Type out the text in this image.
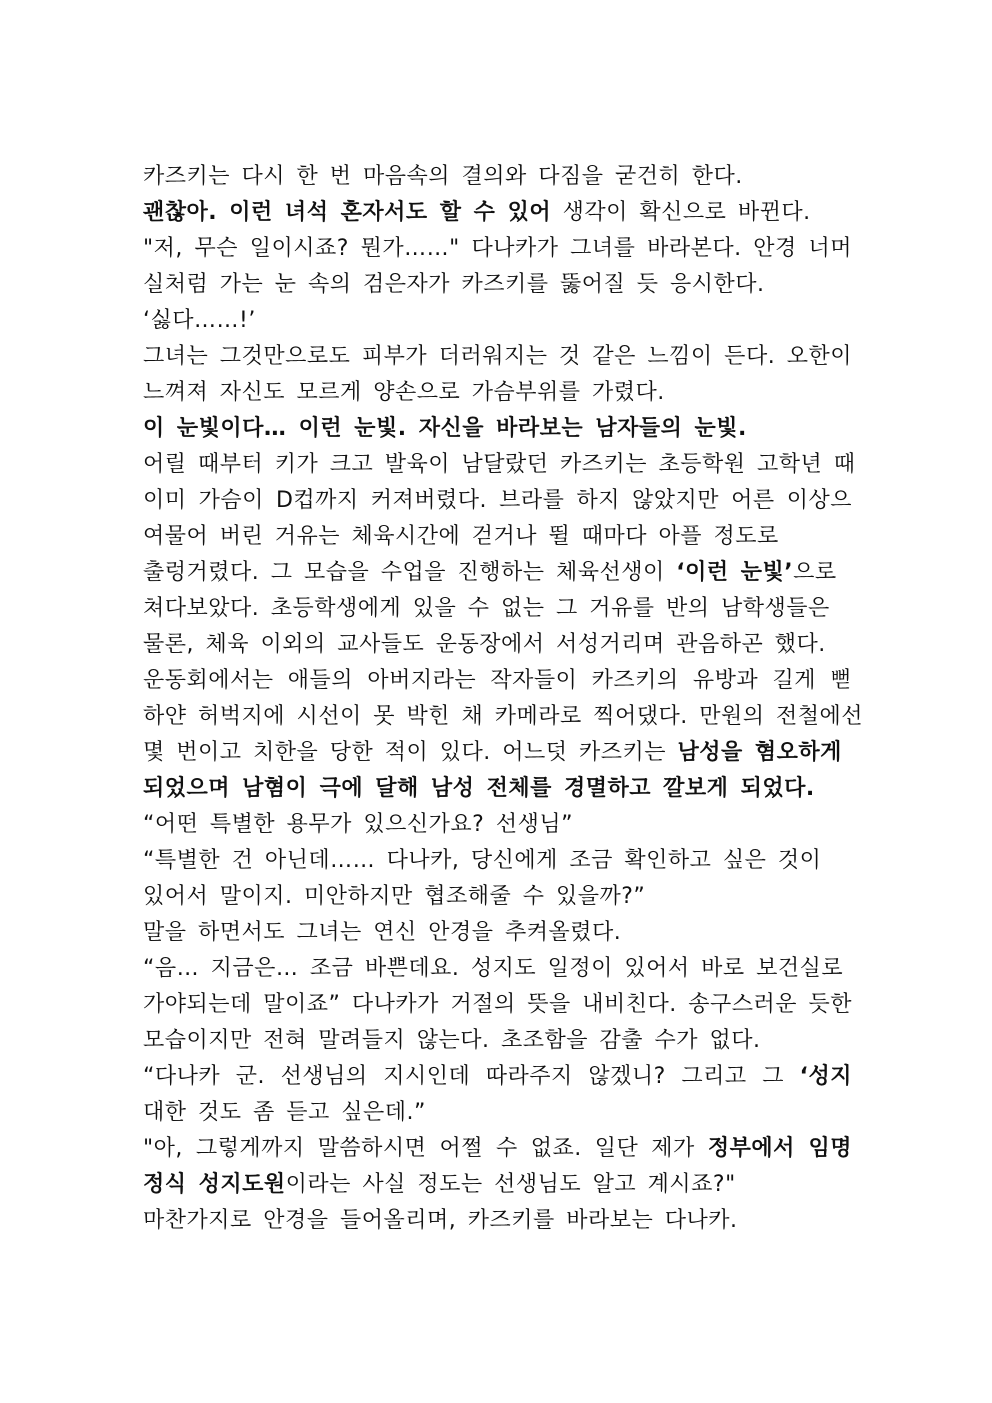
카즈키는 다시 한 번 마음속의 결의와 다짐을 굳건히 한다.
괜찮아. 이런 녀석 혼자서도 할 수 있어 생각이 확신으로 바뀐다.
"저, 무슨 일이시죠? 뭔가……" 다나카가 그녀를 바라본다. 안경 너머
실처럼 가는 눈 속의 검은자가 카즈키를 뚫어질 듯 응시한다.
‘싫다……!’
그녀는 그것만으로도 피부가 더러워지는 것 같은 느낌이 든다. 오한이
느껴져 자신도 모르게 양손으로 가슴부위를 가렸다.
이 눈빛이다… 이런 눈빛. 자신을 바라보는 남자들의 눈빛.
어릴 때부터 키가 크고 발육이 남달랐던 카즈키는 초등학원 고학년 때
이미 가슴이 D컵까지 커져버렸다. 브라를 하지 않았지만 어른 이상으
여물어 버린 거유는 체육시간에 걷거나 뛸 때마다 아플 정도로
출렁거렸다. 그 모습을 수업을 진행하는 체육선생이 ‘이런 눈빛’으로
쳐다보았다. 초등학생에게 있을 수 없는 그 거유를 반의 남학생들은
물론, 체육 이외의 교사들도 운동장에서 서성거리며 관음하곤 했다.
운동회에서는 애들의 아버지라는 작자들이 카즈키의 유방과 길게 뻗
하얀 허벅지에 시선이 못 박힌 채 카메라로 찍어댔다. 만원의 전철에선
몇 번이고 치한을 당한 적이 있다. 어느덧 카즈키는 남성을 혐오하게
되었으며 남혐이 극에 달해 남성 전체를 경멸하고 깔보게 되었다.
“어떤 특별한 용무가 있으신가요? 선생님”
“특별한 건 아닌데…… 다나카, 당신에게 조금 확인하고 싶은 것이
있어서 말이지. 미안하지만 협조해줄 수 있을까?”
말을 하면서도 그녀는 연신 안경을 추켜올렸다.
“음… 지금은… 조금 바쁜데요. 성지도 일정이 있어서 바로 보건실로
가야되는데 말이죠” 다나카가 거절의 뜻을 내비친다. 송구스러운 듯한
모습이지만 전혀 말려들지 않는다. 초조함을 감출 수가 없다.
“다나카 군. 선생님의 지시인데 따라주지 않겠니? 그리고 그 ‘성지
대한 것도 좀 듣고 싶은데.”
"아, 그렇게까지 말씀하시면 어쩔 수 없죠. 일단 제가 정부에서 임명
정식 성지도원이라는 사실 정도는 선생님도 알고 계시죠?"
마찬가지로 안경을 들어올리며, 카즈키를 바라보는 다나카.
